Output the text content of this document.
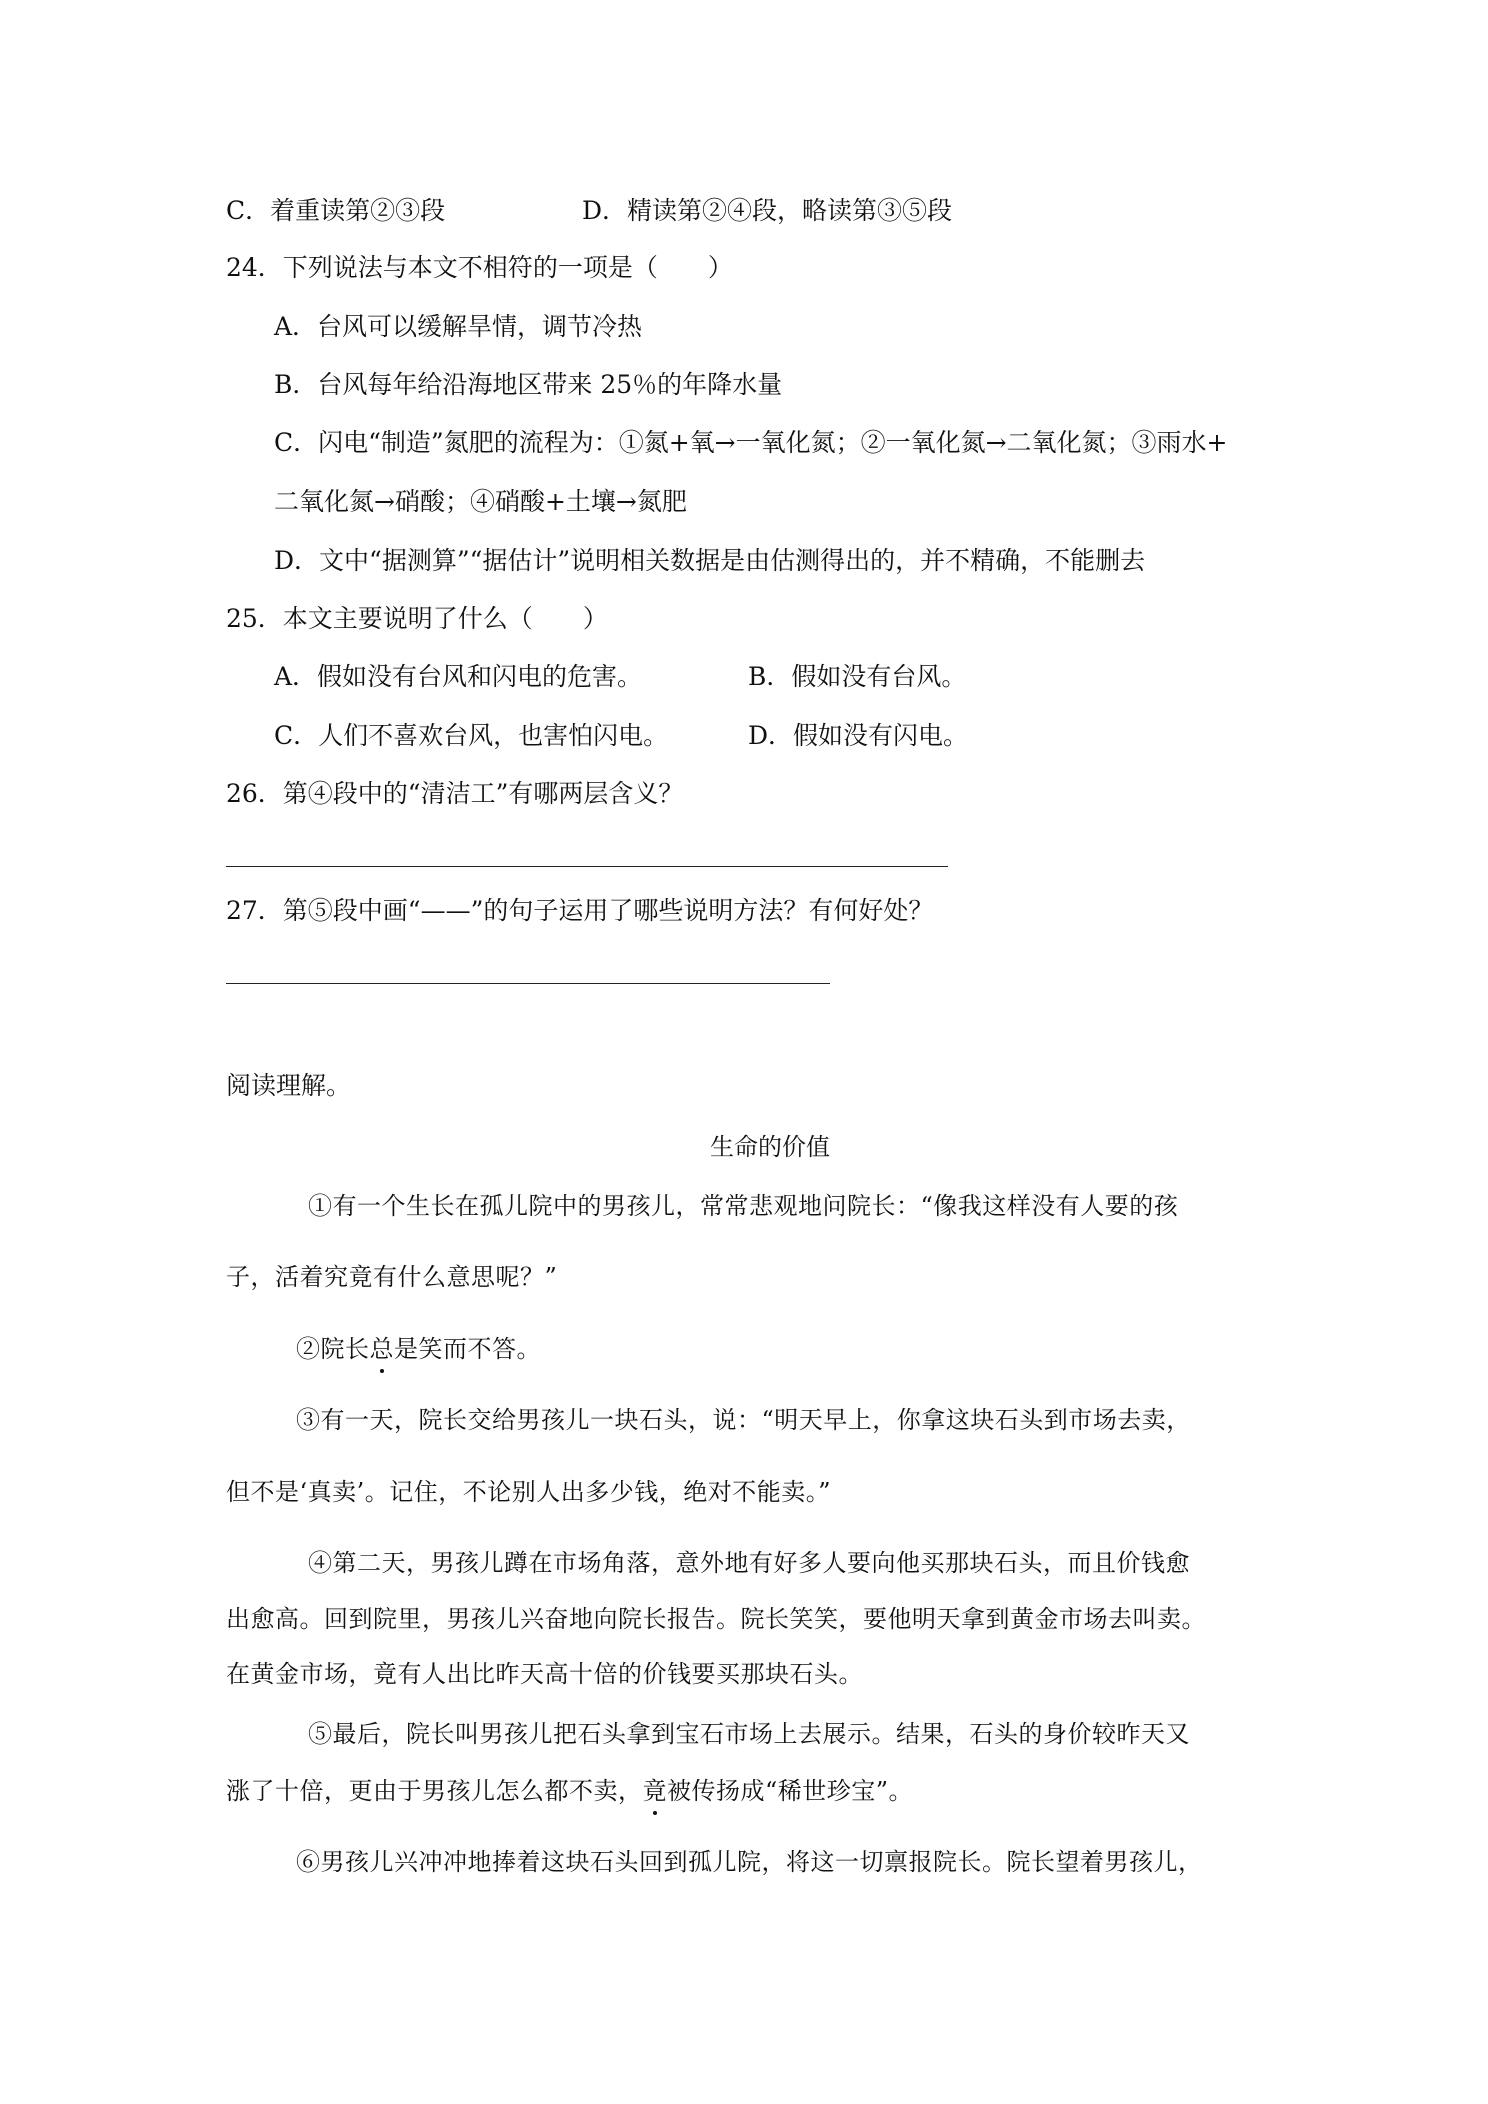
C．着重读第②③段	D．精读第②④段，略读第③⑤段
24．下列说法与本文不相符的一项是（　　）
A．台风可以缓解旱情，调节冷热
B．台风每年给沿海地区带来 25％的年降水量
C．闪电“制造”氮肥的流程为：①氮+氧→一氧化氮；②一氧化氮→二氧化氮；③雨水+
二氧化氮→硝酸；④硝酸+土壤→氮肥
D．文中“据测算”“据估计”说明相关数据是由估测得出的，并不精确，不能删去
25．本文主要说明了什么（　　）
A．假如没有台风和闪电的危害。	B．假如没有台风。
C．人们不喜欢台风，也害怕闪电。	D．假如没有闪电。
26．第④段中的“清洁工”有哪两层含义？
27．第⑤段中画“——”的句子运用了哪些说明方法？有何好处？
阅读理解。
生命的价值
①有一个生长在孤儿院中的男孩儿，常常悲观地问院长：“像我这样没有人要的孩
子，活着究竟有什么意思呢？”
②院长总是笑而不答。
③有一天，院长交给男孩儿一块石头，说：“明天早上，你拿这块石头到市场去卖，
但不是‘真卖’。记住，不论别人出多少钱，绝对不能卖。”
④第二天，男孩儿蹲在市场角落，意外地有好多人要向他买那块石头，而且价钱愈
出愈高。回到院里，男孩儿兴奋地向院长报告。院长笑笑，要他明天拿到黄金市场去叫卖。
在黄金市场，竟有人出比昨天高十倍的价钱要买那块石头。
⑤最后，院长叫男孩儿把石头拿到宝石市场上去展示。结果，石头的身价较昨天又
涨了十倍，更由于男孩儿怎么都不卖，竟被传扬成“稀世珍宝”。
⑥男孩儿兴冲冲地捧着这块石头回到孤儿院，将这一切禀报院长。院长望着男孩儿，
